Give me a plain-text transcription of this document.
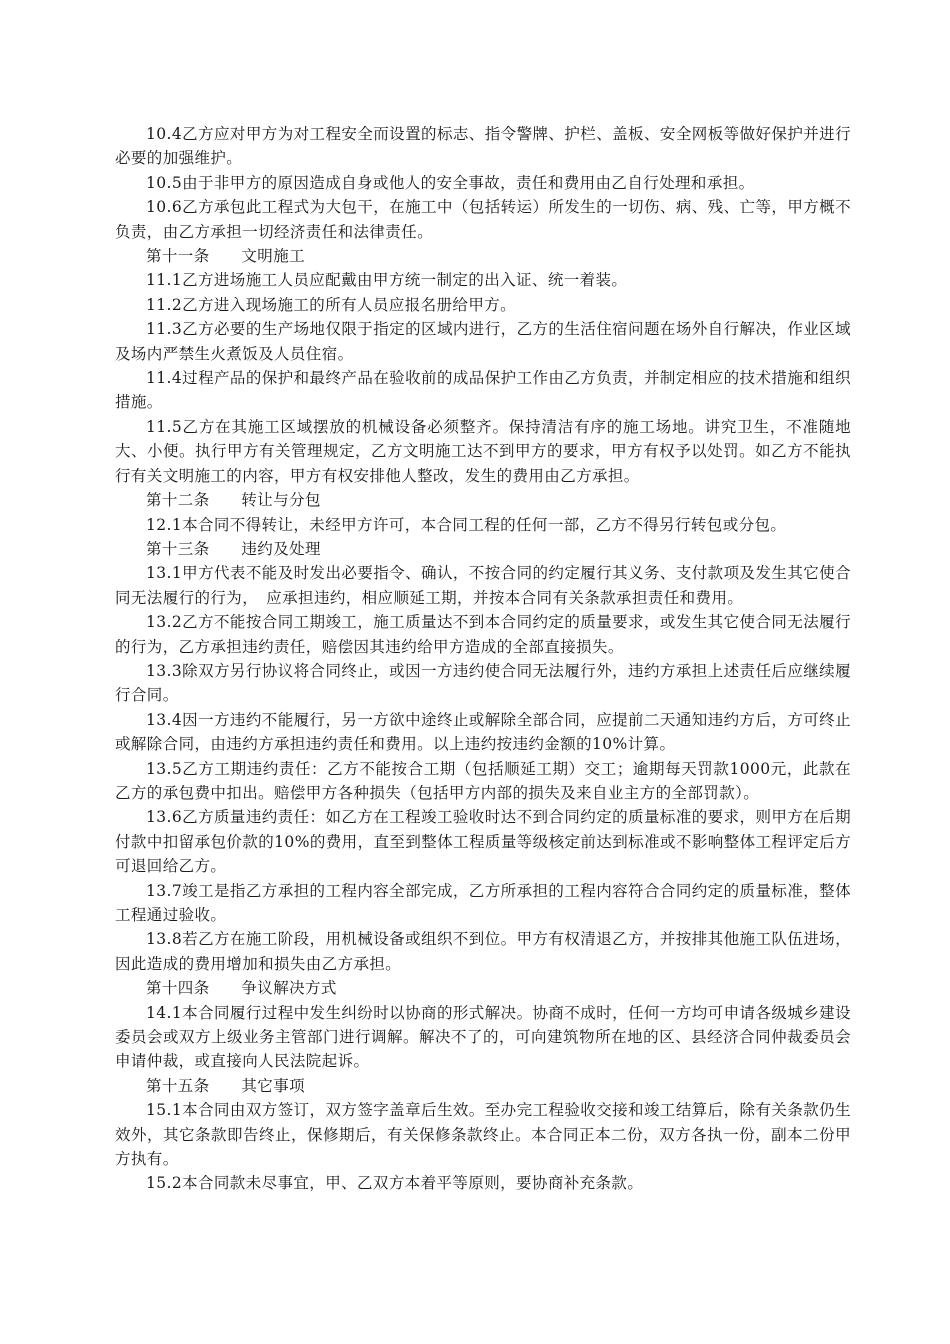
10.4乙方应对甲方为对工程安全而设置的标志、指令警牌、护栏、盖板、安全网板等做好保护并进行必要的加强维护。

10.5由于非甲方的原因造成自身或他人的安全事故，责任和费用由乙自行处理和承担。

10.6乙方承包此工程式为大包干，在施工中（包括转运）所发生的一切伤、病、残、亡等，甲方概不负责，由乙方承担一切经济责任和法律责任。

第十一条　　文明施工

11.1乙方进场施工人员应配戴由甲方统一制定的出入证、统一着装。

11.2乙方进入现场施工的所有人员应报名册给甲方。

11.3乙方必要的生产场地仅限于指定的区域内进行，乙方的生活住宿问题在场外自行解决，作业区域及场内严禁生火煮饭及人员住宿。

11.4过程产品的保护和最终产品在验收前的成品保护工作由乙方负责，并制定相应的技术措施和组织措施。

11.5乙方在其施工区域摆放的机械设备必须整齐。保持清洁有序的施工场地。讲究卫生，不准随地大、小便。执行甲方有关管理规定，乙方文明施工达不到甲方的要求，甲方有权予以处罚。如乙方不能执行有关文明施工的内容，甲方有权安排他人整改，发生的费用由乙方承担。

第十二条　　转让与分包

12.1本合同不得转让，未经甲方许可，本合同工程的任何一部，乙方不得另行转包或分包。

第十三条　　违约及处理

13.1甲方代表不能及时发出必要指令、确认，不按合同的约定履行其义务、支付款项及发生其它使合同无法履行的行为，　应承担违约，相应顺延工期，并按本合同有关条款承担责任和费用。

13.2乙方不能按合同工期竣工，施工质量达不到本合同约定的质量要求，或发生其它使合同无法履行的行为，乙方承担违约责任，赔偿因其违约给甲方造成的全部直接损失。

13.3除双方另行协议将合同终止，或因一方违约使合同无法履行外，违约方承担上述责任后应继续履行合同。

13.4因一方违约不能履行，另一方欲中途终止或解除全部合同，应提前二天通知违约方后，方可终止或解除合同，由违约方承担违约责任和费用。以上违约按违约金额的10%计算。

13.5乙方工期违约责任：乙方不能按合工期（包括顺延工期）交工；逾期每天罚款1000元，此款在乙方的承包费中扣出。赔偿甲方各种损失（包括甲方内部的损失及来自业主方的全部罚款）。

13.6乙方质量违约责任：如乙方在工程竣工验收时达不到合同约定的质量标准的要求，则甲方在后期付款中扣留承包价款的10%的费用，直至到整体工程质量等级核定前达到标准或不影响整体工程评定后方可退回给乙方。

13.7竣工是指乙方承担的工程内容全部完成，乙方所承担的工程内容符合合同约定的质量标准，整体工程通过验收。

13.8若乙方在施工阶段，用机械设备或组织不到位。甲方有权清退乙方，并按排其他施工队伍进场，因此造成的费用增加和损失由乙方承担。

第十四条　　争议解决方式

14.1本合同履行过程中发生纠纷时以协商的形式解决。协商不成时，任何一方均可申请各级城乡建设委员会或双方上级业务主管部门进行调解。解决不了的，可向建筑物所在地的区、县经济合同仲裁委员会申请仲裁，或直接向人民法院起诉。

第十五条　　其它事项

15.1本合同由双方签订，双方签字盖章后生效。至办完工程验收交接和竣工结算后，除有关条款仍生效外，其它条款即告终止，保修期后，有关保修条款终止。本合同正本二份，双方各执一份，副本二份甲方执有。

15.2本合同款未尽事宜，甲、乙双方本着平等原则，要协商补充条款。
